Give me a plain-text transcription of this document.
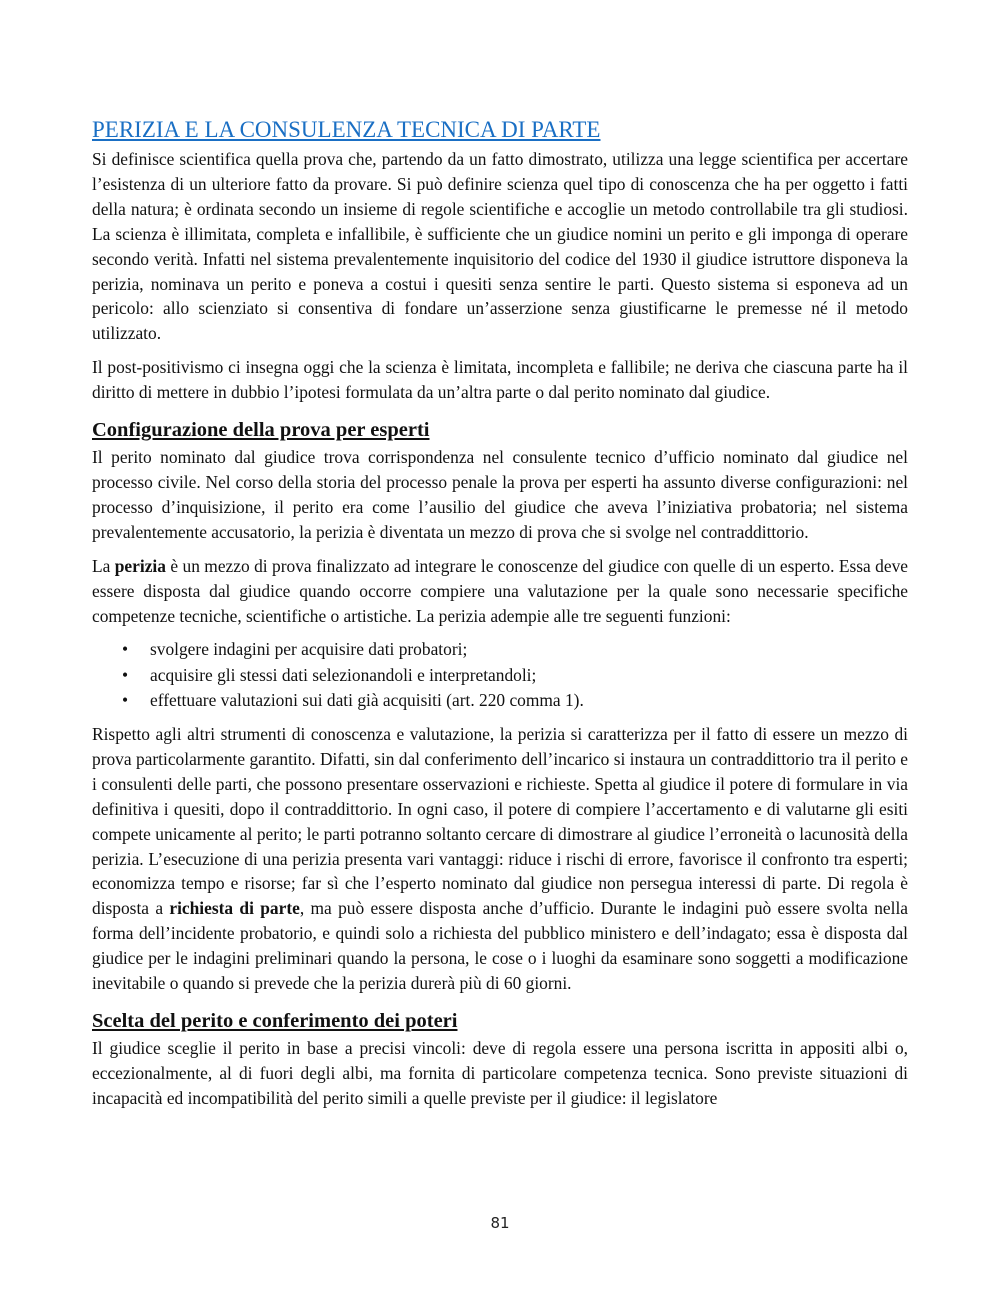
PERIZIA E LA CONSULENZA TECNICA DI PARTE

Si definisce scientifica quella prova che, partendo da un fatto dimostrato, utilizza una legge scientifica per accertare l’esistenza di un ulteriore fatto da provare. Si può definire scienza quel tipo di conoscenza che ha per oggetto i fatti della natura; è ordinata secondo un insieme di regole scientifiche e accoglie un metodo controllabile tra gli studiosi. La scienza è illimitata, completa e infallibile, è sufficiente che un giudice nomini un perito e gli imponga di operare secondo verità. Infatti nel sistema prevalentemente inquisitorio del codice del 1930 il giudice istruttore disponeva la perizia, nominava un perito e poneva a costui i quesiti senza sentire le parti. Questo sistema si esponeva ad un pericolo: allo scienziato si consentiva di fondare un’asserzione senza giustificarne le premesse né il metodo utilizzato.

Il post-positivismo ci insegna oggi che la scienza è limitata, incompleta e fallibile; ne deriva che ciascuna parte ha il diritto di mettere in dubbio l’ipotesi formulata da un’altra parte o dal perito nominato dal giudice.

Configurazione della prova per esperti

Il perito nominato dal giudice trova corrispondenza nel consulente tecnico d’ufficio nominato dal giudice nel processo civile. Nel corso della storia del processo penale la prova per esperti ha assunto diverse configurazioni: nel processo d’inquisizione, il perito era come l’ausilio del giudice che aveva l’iniziativa probatoria; nel sistema prevalentemente accusatorio, la perizia è diventata un mezzo di prova che si svolge nel contraddittorio.

La perizia è un mezzo di prova finalizzato ad integrare le conoscenze del giudice con quelle di un esperto. Essa deve essere disposta dal giudice quando occorre compiere una valutazione per la quale sono necessarie specifiche competenze tecniche, scientifiche o artistiche. La perizia adempie alle tre seguenti funzioni:

• svolgere indagini per acquisire dati probatori;
• acquisire gli stessi dati selezionandoli e interpretandoli;
• effettuare valutazioni sui dati già acquisiti (art. 220 comma 1).

Rispetto agli altri strumenti di conoscenza e valutazione, la perizia si caratterizza per il fatto di essere un mezzo di prova particolarmente garantito. Difatti, sin dal conferimento dell’incarico si instaura un contraddittorio tra il perito e i consulenti delle parti, che possono presentare osservazioni e richieste. Spetta al giudice il potere di formulare in via definitiva i quesiti, dopo il contraddittorio. In ogni caso, il potere di compiere l’accertamento e di valutarne gli esiti compete unicamente al perito; le parti potranno soltanto cercare di dimostrare al giudice l’erroneità o lacunosità della perizia. L’esecuzione di una perizia presenta vari vantaggi: riduce i rischi di errore, favorisce il confronto tra esperti; economizza tempo e risorse; far sì che l’esperto nominato dal giudice non persegua interessi di parte. Di regola è disposta a richiesta di parte, ma può essere disposta anche d’ufficio. Durante le indagini può essere svolta nella forma dell’incidente probatorio, e quindi solo a richiesta del pubblico ministero e dell’indagato; essa è disposta dal giudice per le indagini preliminari quando la persona, le cose o i luoghi da esaminare sono soggetti a modificazione inevitabile o quando si prevede che la perizia durerà più di 60 giorni.

Scelta del perito e conferimento dei poteri

Il giudice sceglie il perito in base a precisi vincoli: deve di regola essere una persona iscritta in appositi albi o, eccezionalmente, al di fuori degli albi, ma fornita di particolare competenza tecnica. Sono previste situazioni di incapacità ed incompatibilità del perito simili a quelle previste per il giudice: il legislatore

81
